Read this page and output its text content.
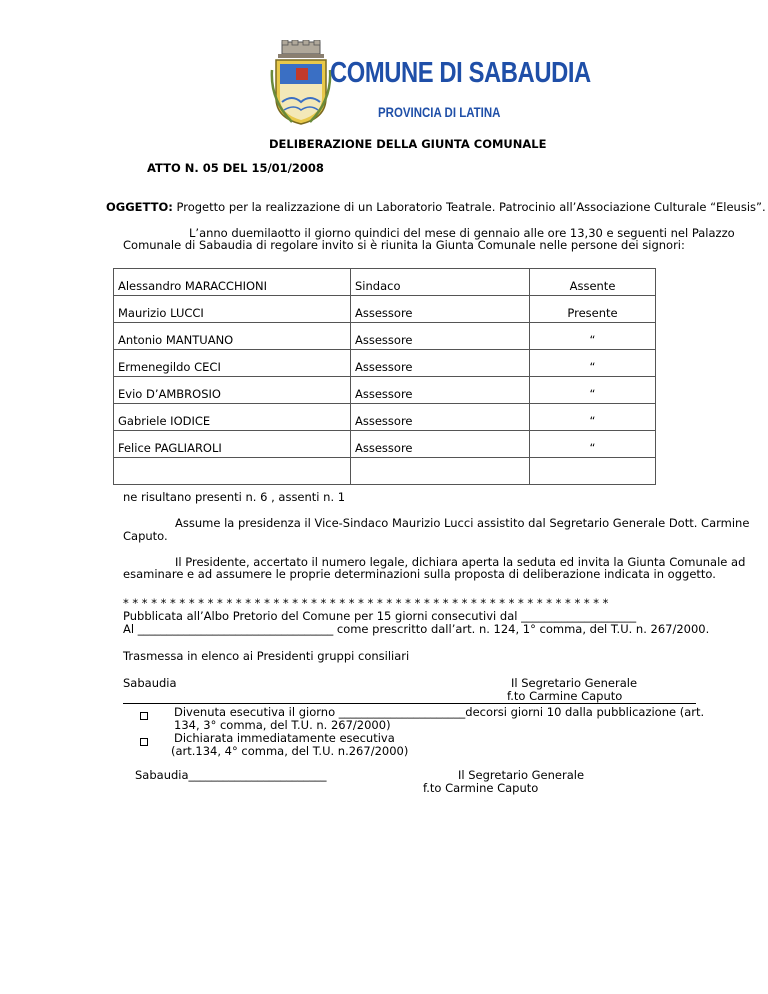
COMUNE DI SABAUDIA
PROVINCIA DI LATINA
DELIBERAZIONE DELLA GIUNTA COMUNALE
ATTO N. 05 DEL 15/01/2008
OGGETTO: Progetto per la realizzazione di un Laboratorio Teatrale. Patrocinio all’Associazione Culturale “Eleusis”.
L’anno duemilaotto il giorno quindici del mese di gennaio alle ore 13,30 e seguenti nel Palazzo
Comunale di Sabaudia di regolare invito si è riunita la Giunta Comunale nelle persone dei signori:
Alessandro MARACCHIONI	Sindaco	Assente
Maurizio LUCCI	Assessore	Presente
Antonio MANTUANO	Assessore	“
Ermenegildo CECI	Assessore	“
Evio D’AMBROSIO	Assessore	“
Gabriele IODICE	Assessore	“
Felice PAGLIAROLI	Assessore	“

ne risultano presenti n. 6 , assenti n. 1
Assume la presidenza il Vice-Sindaco Maurizio Lucci assistito dal Segretario Generale Dott. Carmine
Caputo.
Il Presidente, accertato il numero legale, dichiara aperta la seduta ed invita la Giunta Comunale ad
esaminare e ad assumere le proprie determinazioni sulla proposta di deliberazione indicata in oggetto.
* * * * * * * * * * * * * * * * * * * * * * * * * * * * * * * * * * * * * * * * * * * * * * * * * * * *
Pubblicata all’Albo Pretorio del Comune per 15 giorni consecutivi dal ____________________
Al __________________________________ come prescritto dall’art. n. 124, 1° comma, del T.U. n. 267/2000.
Trasmessa in elenco ai Presidenti gruppi consiliari
Sabaudia	Il Segretario Generale
f.to Carmine Caputo
Divenuta esecutiva il giorno ______________________decorsi giorni 10 dalla pubblicazione (art.
134, 3° comma, del T.U. n. 267/2000)
Dichiarata immediatamente esecutiva
(art.134, 4° comma, del T.U. n.267/2000)
Sabaudia________________________	Il Segretario Generale
f.to Carmine Caputo
